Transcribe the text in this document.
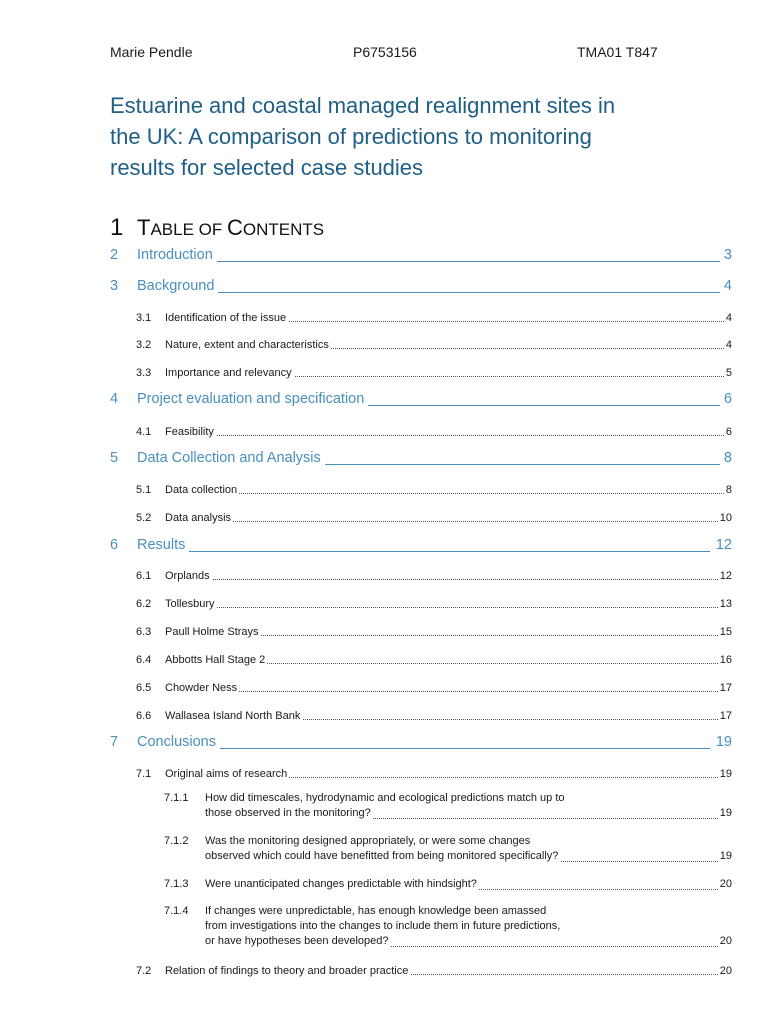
Marie Pendle	P6753156	TMA01 T847
Estuarine and coastal managed realignment sites in
the UK: A comparison of predictions to monitoring
results for selected case studies
1 TABLE OF CONTENTS
2 Introduction	3
3 Background	4
3.1 Identification of the issue	4
3.2 Nature, extent and characteristics	4
3.3 Importance and relevancy	5
4 Project evaluation and specification	6
4.1 Feasibility	6
5 Data Collection and Analysis	8
5.1 Data collection	8
5.2 Data analysis	10
6 Results	12
6.1 Orplands	12
6.2 Tollesbury	13
6.3 Paull Holme Strays	15
6.4 Abbotts Hall Stage 2	16
6.5 Chowder Ness	17
6.6 Wallasea Island North Bank	17
7 Conclusions	19
7.1 Original aims of research	19
7.1.1 How did timescales, hydrodynamic and ecological predictions match up to
those observed in the monitoring?	19
7.1.2 Was the monitoring designed appropriately, or were some changes
observed which could have benefitted from being monitored specifically?	19
7.1.3 Were unanticipated changes predictable with hindsight?	20
7.1.4 If changes were unpredictable, has enough knowledge been amassed
from investigations into the changes to include them in future predictions,
or have hypotheses been developed?	20
7.2 Relation of findings to theory and broader practice	20
